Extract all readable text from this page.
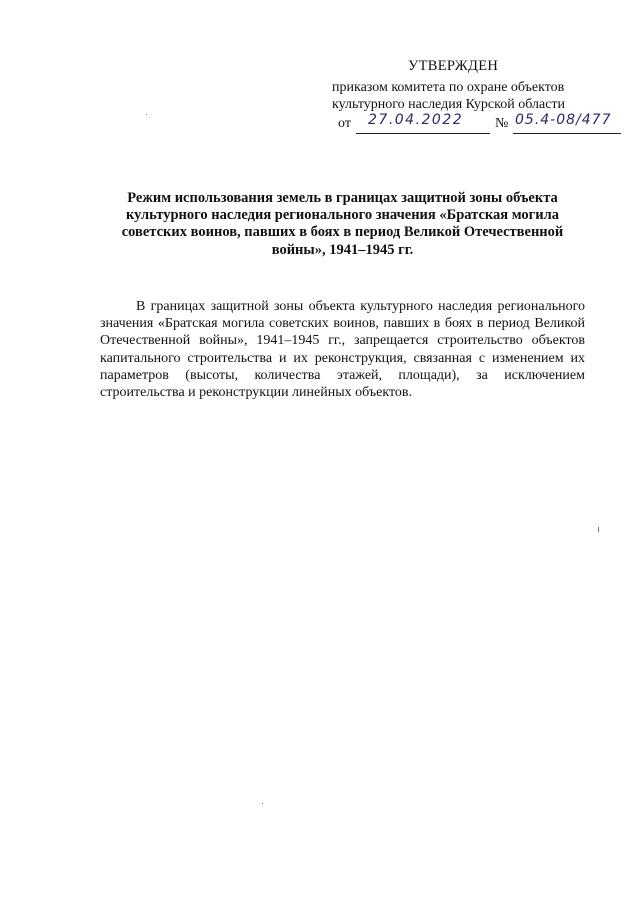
УТВЕРЖДЕН
приказом комитета по охране объектов
культурного наследия Курской области
от 27.04.2022 № 05.4-08/477
Режим использования земель в границах защитной зоны объекта культурного наследия регионального значения «Братская могила советских воинов, павших в боях в период Великой Отечественной войны», 1941–1945 гг.
В границах защитной зоны объекта культурного наследия регионального значения «Братская могила советских воинов, павших в боях в период Великой Отечественной войны», 1941–1945 гг., запрещается строительство объектов капитального строительства и их реконструкция, связанная с изменением их параметров (высоты, количества этажей, площади), за исключением строительства и реконструкции линейных объектов.
